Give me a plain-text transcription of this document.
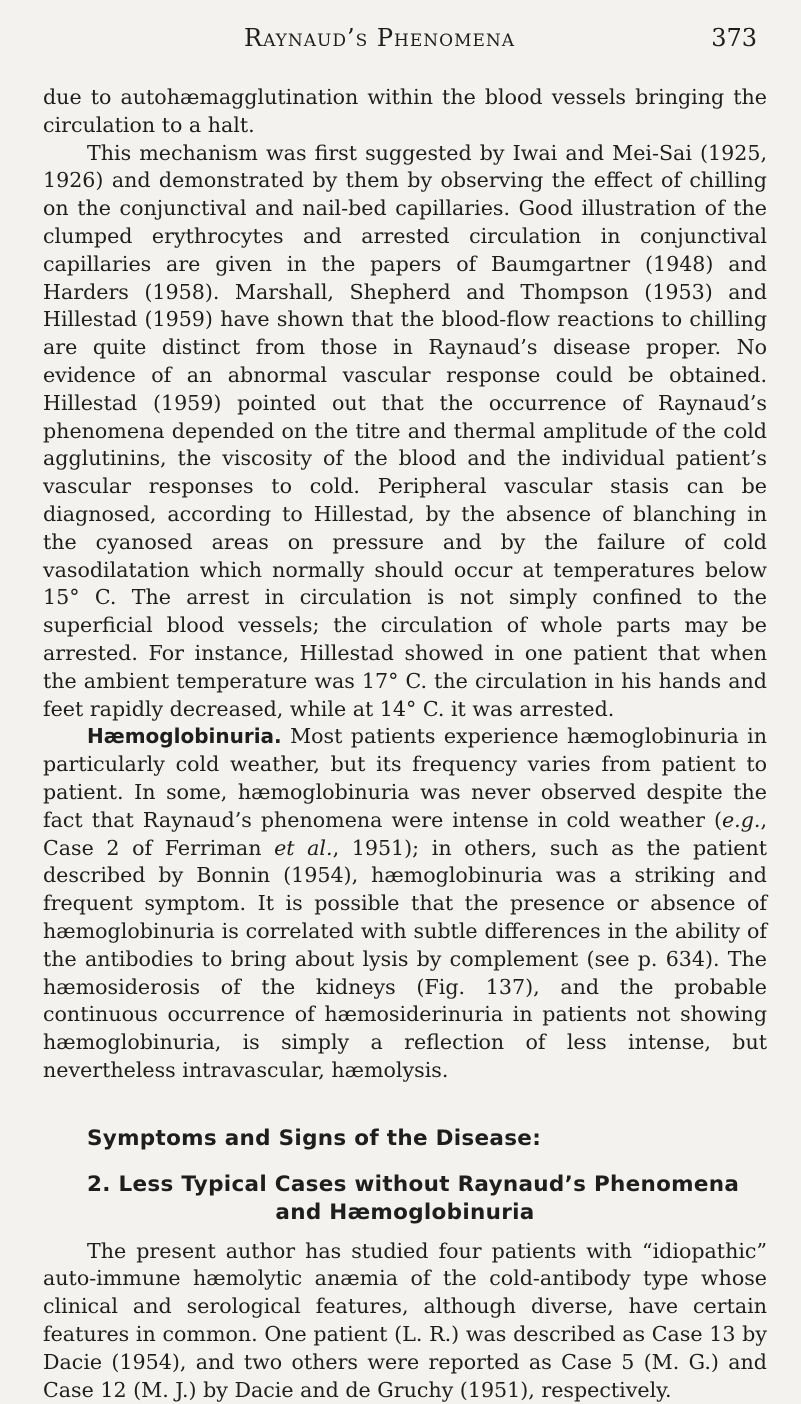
Raynaud’s Phenomena	373

due to autohæmagglutination within the blood vessels bringing the circulation to a halt.

This mechanism was first suggested by Iwai and Mei-Sai (1925, 1926) and demonstrated by them by observing the effect of chilling on the conjunctival and nail-bed capillaries. Good illustration of the clumped erythrocytes and arrested circulation in conjunctival capillaries are given in the papers of Baumgartner (1948) and Harders (1958). Marshall, Shepherd and Thompson (1953) and Hillestad (1959) have shown that the blood-flow reactions to chilling are quite distinct from those in Raynaud’s disease proper. No evidence of an abnormal vascular response could be obtained. Hillestad (1959) pointed out that the occurrence of Raynaud’s phenomena depended on the titre and thermal amplitude of the cold agglutinins, the viscosity of the blood and the individual patient’s vascular responses to cold. Peripheral vascular stasis can be diagnosed, according to Hillestad, by the absence of blanching in the cyanosed areas on pressure and by the failure of cold vasodilatation which normally should occur at temperatures below 15° C. The arrest in circulation is not simply confined to the superficial blood vessels; the circulation of whole parts may be arrested. For instance, Hillestad showed in one patient that when the ambient temperature was 17° C. the circulation in his hands and feet rapidly decreased, while at 14° C. it was arrested.

Hæmoglobinuria. Most patients experience hæmoglobinuria in particularly cold weather, but its frequency varies from patient to patient. In some, hæmoglobinuria was never observed despite the fact that Raynaud’s phenomena were intense in cold weather (e.g., Case 2 of Ferriman et al., 1951); in others, such as the patient described by Bonnin (1954), hæmoglobinuria was a striking and frequent symptom. It is possible that the presence or absence of hæmoglobinuria is correlated with subtle differences in the ability of the antibodies to bring about lysis by complement (see p. 634). The hæmosiderosis of the kidneys (Fig. 137), and the probable continuous occurrence of hæmosiderinuria in patients not showing hæmoglobinuria, is simply a reflection of less intense, but nevertheless intravascular, hæmolysis.

Symptoms and Signs of the Disease:
2. Less Typical Cases without Raynaud’s Phenomena
and Hæmoglobinuria

The present author has studied four patients with “idiopathic” auto-immune hæmolytic anæmia of the cold-antibody type whose clinical and serological features, although diverse, have certain features in common. One patient (L. R.) was described as Case 13 by Dacie (1954), and two others were reported as Case 5 (M. G.) and Case 12 (M. J.) by Dacie and de Gruchy (1951), respectively.
